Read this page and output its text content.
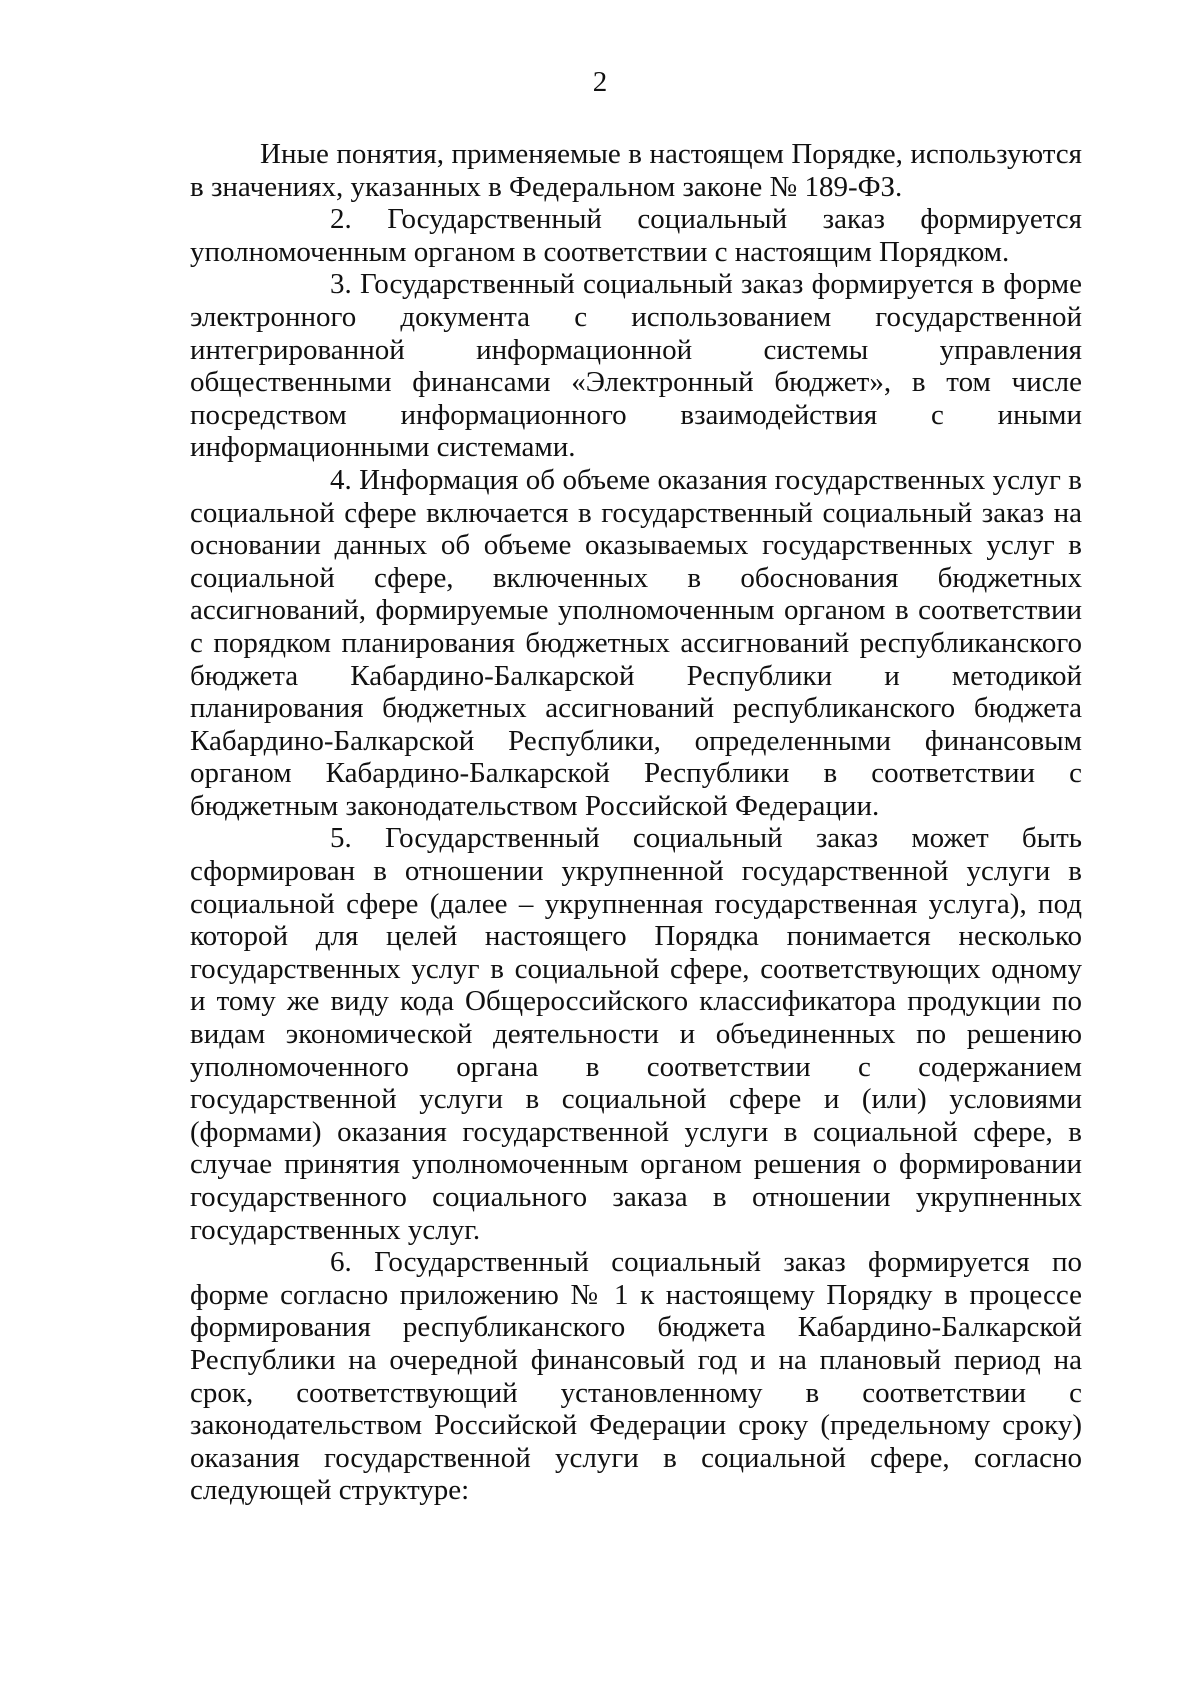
2

Иные понятия, применяемые в настоящем Порядке, используются в значениях, указанных в Федеральном законе № 189-ФЗ.

2. Государственный социальный заказ формируется уполномоченным органом в соответствии с настоящим Порядком.

3. Государственный социальный заказ формируется в форме электронного документа с использованием государственной интегрированной информационной системы управления общественными финансами «Электронный бюджет», в том числе посредством информационного взаимодействия с иными информационными системами.

4. Информация об объеме оказания государственных услуг в социальной сфере включается в государственный социальный заказ на основании данных об объеме оказываемых государственных услуг в социальной сфере, включенных в обоснования бюджетных ассигнований, формируемые уполномоченным органом в соответствии с порядком планирования бюджетных ассигнований республиканского бюджета Кабардино-Балкарской Республики и методикой планирования бюджетных ассигнований республиканского бюджета Кабардино-Балкарской Республики, определенными финансовым органом Кабардино-Балкарской Республики в соответствии с бюджетным законодательством Российской Федерации.

5. Государственный социальный заказ может быть сформирован в отношении укрупненной государственной услуги в социальной сфере (далее – укрупненная государственная услуга), под которой для целей настоящего Порядка понимается несколько государственных услуг в социальной сфере, соответствующих одному и тому же виду кода Общероссийского классификатора продукции по видам экономической деятельности и объединенных по решению уполномоченного органа в соответствии с содержанием государственной услуги в социальной сфере и (или) условиями (формами) оказания государственной услуги в социальной сфере, в случае принятия уполномоченным органом решения о формировании государственного социального заказа в отношении укрупненных государственных услуг.

6. Государственный социальный заказ формируется по форме согласно приложению № 1 к настоящему Порядку в процессе формирования республиканского бюджета Кабардино-Балкарской Республики на очередной финансовый год и на плановый период на срок, соответствующий установленному в соответствии с законодательством Российской Федерации сроку (предельному сроку) оказания государственной услуги в социальной сфере, согласно следующей структуре:
